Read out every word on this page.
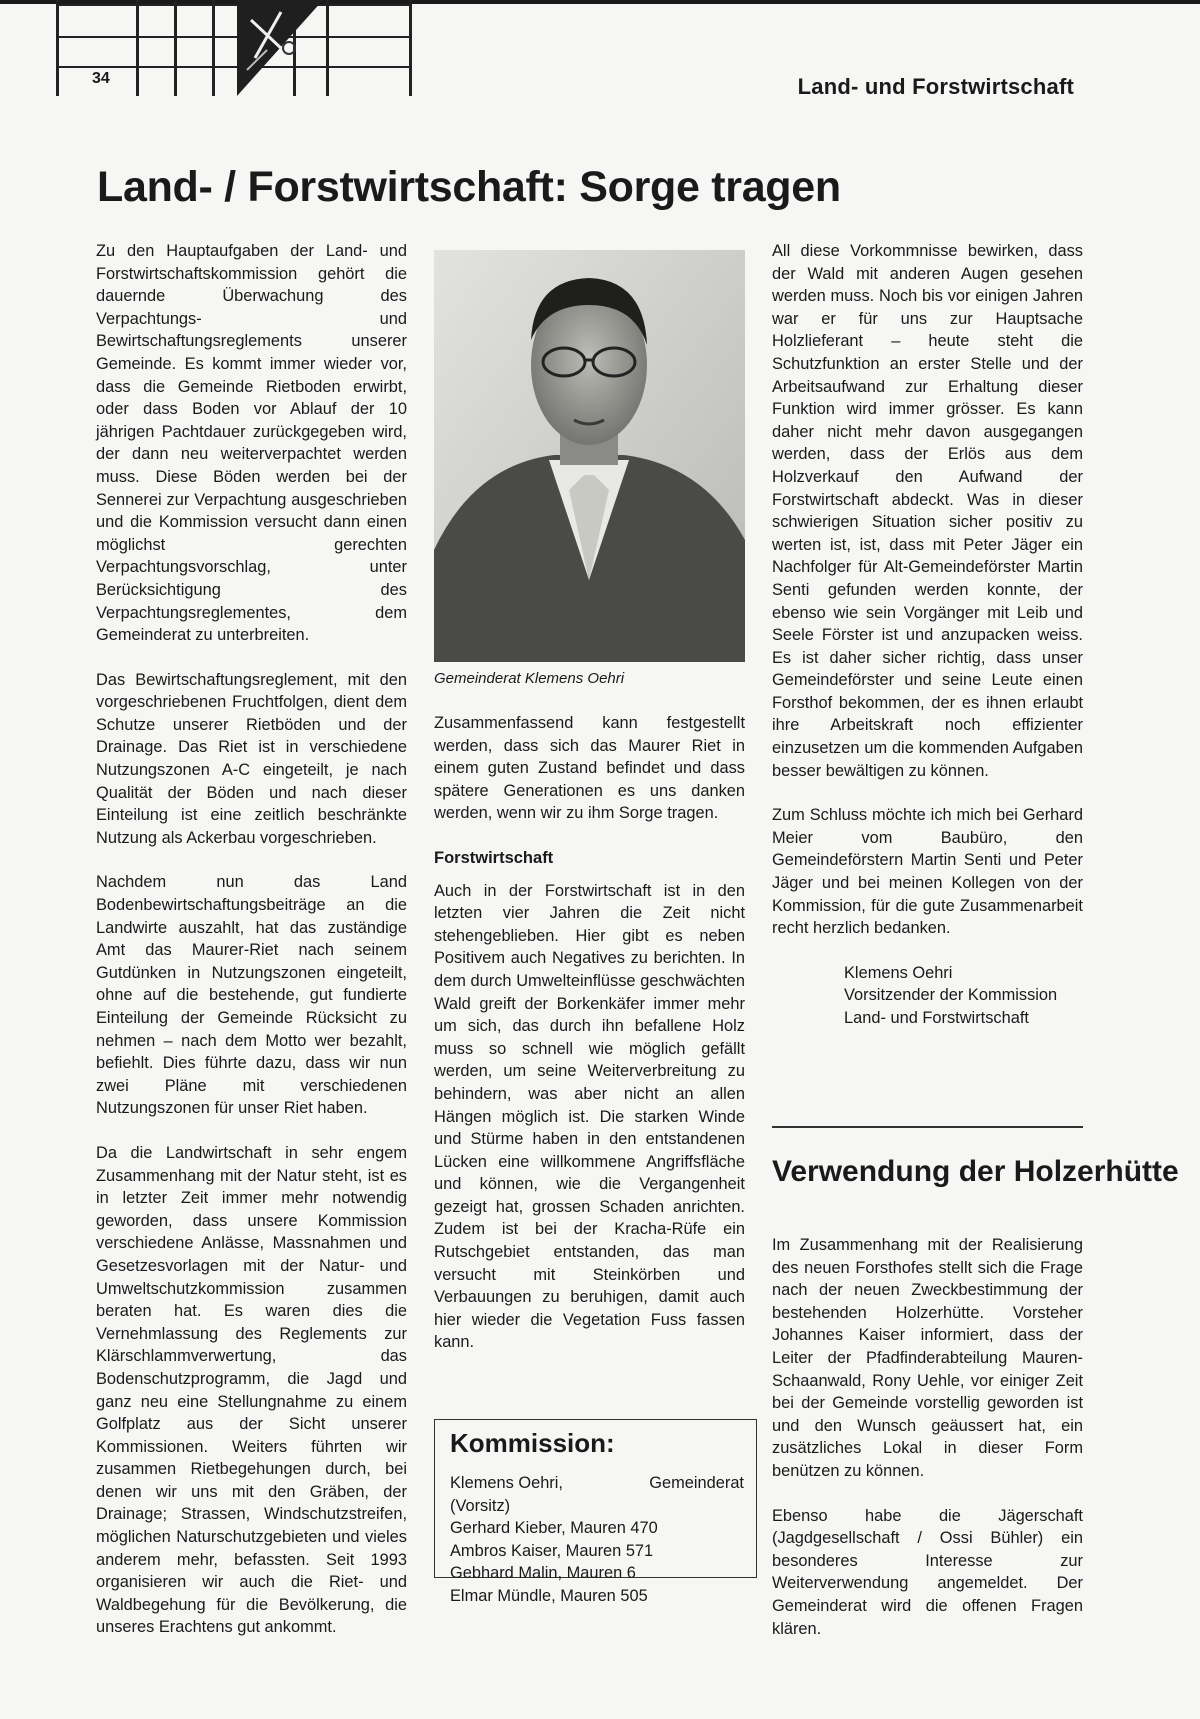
34	Land- und Forstwirtschaft
Land- / Forstwirtschaft: Sorge tragen

Zu den Hauptaufgaben der Land- und Forstwirtschaftskommission gehört die dauernde Überwachung des Verpachtungs- und Bewirtschaftungsreglements unserer Gemeinde. Es kommt immer wieder vor, dass die Gemeinde Rietboden erwirbt, oder dass Boden vor Ablauf der 10 jährigen Pachtdauer zurückgegeben wird, der dann neu weiterverpachtet werden muss. Diese Böden werden bei der Sennerei zur Verpachtung ausgeschrieben und die Kommission versucht dann einen möglichst gerechten Verpachtungsvorschlag, unter Berücksichtigung des Verpachtungsreglementes, dem Gemeinderat zu unterbreiten.

Das Bewirtschaftungsreglement, mit den vorgeschriebenen Fruchtfolgen, dient dem Schutze unserer Rietböden und der Drainage. Das Riet ist in verschiedene Nutzungszonen A-C eingeteilt, je nach Qualität der Böden und nach dieser Einteilung ist eine zeitlich beschränkte Nutzung als Ackerbau vorgeschrieben.

Nachdem nun das Land Bodenbewirtschaftungsbeiträge an die Landwirte auszahlt, hat das zuständige Amt das Maurer-Riet nach seinem Gutdünken in Nutzungszonen eingeteilt, ohne auf die bestehende, gut fundierte Einteilung der Gemeinde Rücksicht zu nehmen – nach dem Motto wer bezahlt, befiehlt. Dies führte dazu, dass wir nun zwei Pläne mit verschiedenen Nutzungszonen für unser Riet haben.

Da die Landwirtschaft in sehr engem Zusammenhang mit der Natur steht, ist es in letzter Zeit immer mehr notwendig geworden, dass unsere Kommission verschiedene Anlässe, Massnahmen und Gesetzesvorlagen mit der Natur- und Umweltschutzkommission zusammen beraten hat. Es waren dies die Vernehmlassung des Reglements zur Klärschlammverwertung, das Bodenschutzprogramm, die Jagd und ganz neu eine Stellungnahme zu einem Golfplatz aus der Sicht unserer Kommissionen. Weiters führten wir zusammen Rietbegehungen durch, bei denen wir uns mit den Gräben, der Drainage; Strassen, Windschutzstreifen, möglichen Naturschutzgebieten und vieles anderem mehr, befassten. Seit 1993 organisieren wir auch die Riet- und Waldbegehung für die Bevölkerung, die unseres Erachtens gut ankommt.

Gemeinderat Klemens Oehri

Zusammenfassend kann festgestellt werden, dass sich das Maurer Riet in einem guten Zustand befindet und dass spätere Generationen es uns danken werden, wenn wir zu ihm Sorge tragen.

Forstwirtschaft

Auch in der Forstwirtschaft ist in den letzten vier Jahren die Zeit nicht stehengeblieben. Hier gibt es neben Positivem auch Negatives zu berichten. In dem durch Umwelteinflüsse geschwächten Wald greift der Borkenkäfer immer mehr um sich, das durch ihn befallene Holz muss so schnell wie möglich gefällt werden, um seine Weiterverbreitung zu behindern, was aber nicht an allen Hängen möglich ist. Die starken Winde und Stürme haben in den entstandenen Lücken eine willkommene Angriffsfläche und können, wie die Vergangenheit gezeigt hat, grossen Schaden anrichten. Zudem ist bei der Kracha-Rüfe ein Rutschgebiet entstanden, das man versucht mit Steinkörben und Verbauungen zu beruhigen, damit auch hier wieder die Vegetation Fuss fassen kann.

Kommission:
Klemens Oehri,	Gemeinderat
(Vorsitz)
Gerhard Kieber, Mauren 470
Ambros Kaiser, Mauren 571
Gebhard Malin, Mauren 6
Elmar Mündle, Mauren 505

All diese Vorkommnisse bewirken, dass der Wald mit anderen Augen gesehen werden muss. Noch bis vor einigen Jahren war er für uns zur Hauptsache Holzlieferant – heute steht die Schutzfunktion an erster Stelle und der Arbeitsaufwand zur Erhaltung dieser Funktion wird immer grösser. Es kann daher nicht mehr davon ausgegangen werden, dass der Erlös aus dem Holzverkauf den Aufwand der Forstwirtschaft abdeckt. Was in dieser schwierigen Situation sicher positiv zu werten ist, ist, dass mit Peter Jäger ein Nachfolger für Alt-Gemeindeförster Martin Senti gefunden werden konnte, der ebenso wie sein Vorgänger mit Leib und Seele Förster ist und anzupacken weiss. Es ist daher sicher richtig, dass unser Gemeindeförster und seine Leute einen Forsthof bekommen, der es ihnen erlaubt ihre Arbeitskraft noch effizienter einzusetzen um die kommenden Aufgaben besser bewältigen zu können.

Zum Schluss möchte ich mich bei Gerhard Meier vom Baubüro, den Gemeindeförstern Martin Senti und Peter Jäger und bei meinen Kollegen von der Kommission, für die gute Zusammenarbeit recht herzlich bedanken.

Klemens Oehri
Vorsitzender der Kommission
Land- und Forstwirtschaft
Verwendung der Holzerhütte

Im Zusammenhang mit der Realisierung des neuen Forsthofes stellt sich die Frage nach der neuen Zweckbestimmung der bestehenden Holzerhütte. Vorsteher Johannes Kaiser informiert, dass der Leiter der Pfadfinderabteilung Mauren-Schaanwald, Rony Uehle, vor einiger Zeit bei der Gemeinde vorstellig geworden ist und den Wunsch geäussert hat, ein zusätzliches Lokal in dieser Form benützen zu können.

Ebenso habe die Jägerschaft (Jagdgesellschaft / Ossi Bühler) ein besonderes Interesse zur Weiterverwendung angemeldet. Der Gemeinderat wird die offenen Fragen klären.
